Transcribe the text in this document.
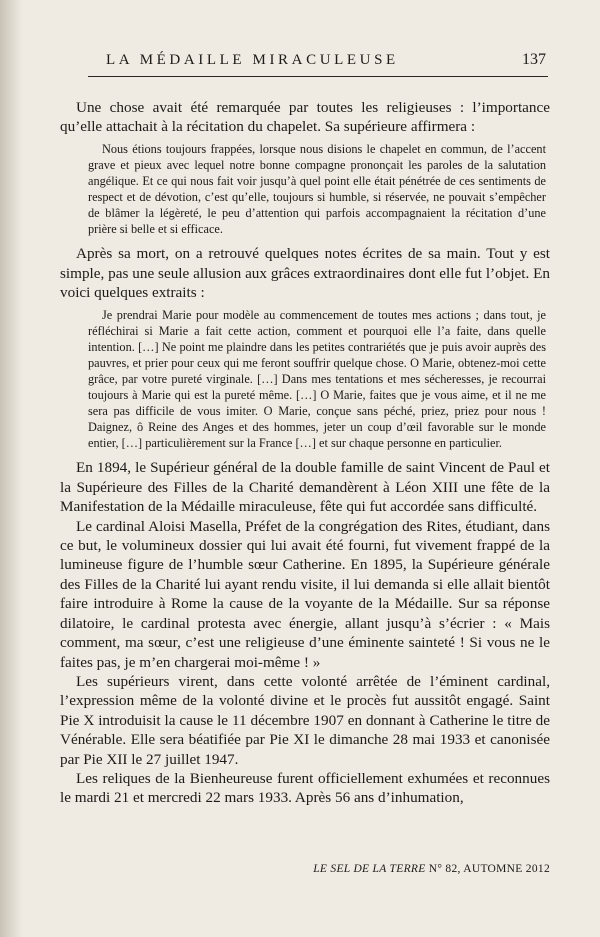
LA MÉDAILLE MIRACULEUSE	137

Une chose avait été remarquée par toutes les religieuses : l’importance qu’elle attachait à la récitation du chapelet. Sa supérieure affirmera :

Nous étions toujours frappées, lorsque nous disions le chapelet en commun, de l’accent grave et pieux avec lequel notre bonne compagne prononçait les paroles de la salutation angélique. Et ce qui nous fait voir jusqu’à quel point elle était pénétrée de ces sentiments de respect et de dévotion, c’est qu’elle, toujours si humble, si réservée, ne pouvait s’empêcher de blâmer la légèreté, le peu d’attention qui parfois accompagnaient la récitation d’une prière si belle et si efficace.

Après sa mort, on a retrouvé quelques notes écrites de sa main. Tout y est simple, pas une seule allusion aux grâces extraordinaires dont elle fut l’objet. En voici quelques extraits :

Je prendrai Marie pour modèle au commencement de toutes mes actions ; dans tout, je réfléchirai si Marie a fait cette action, comment et pourquoi elle l’a faite, dans quelle intention. […] Ne point me plaindre dans les petites contrariétés que je puis avoir auprès des pauvres, et prier pour ceux qui me feront souffrir quelque chose. O Marie, obtenez-moi cette grâce, par votre pureté virginale. […] Dans mes tentations et mes sécheresses, je recourrai toujours à Marie qui est la pureté même. […] O Marie, faites que je vous aime, et il ne me sera pas difficile de vous imiter. O Marie, conçue sans péché, priez, priez pour nous ! Daignez, ô Reine des Anges et des hommes, jeter un coup d’œil favorable sur le monde entier, […] particulièrement sur la France […] et sur chaque personne en particulier.

En 1894, le Supérieur général de la double famille de saint Vincent de Paul et la Supérieure des Filles de la Charité demandèrent à Léon XIII une fête de la Manifestation de la Médaille miraculeuse, fête qui fut accordée sans difficulté.

Le cardinal Aloisi Masella, Préfet de la congrégation des Rites, étudiant, dans ce but, le volumineux dossier qui lui avait été fourni, fut vivement frappé de la lumineuse figure de l’humble sœur Catherine. En 1895, la Supérieure générale des Filles de la Charité lui ayant rendu visite, il lui demanda si elle allait bientôt faire introduire à Rome la cause de la voyante de la Médaille. Sur sa réponse dilatoire, le cardinal protesta avec énergie, allant jusqu’à s’écrier : « Mais comment, ma sœur, c’est une religieuse d’une éminente sainteté ! Si vous ne le faites pas, je m’en chargerai moi-même ! »

Les supérieurs virent, dans cette volonté arrêtée de l’éminent cardinal, l’expression même de la volonté divine et le procès fut aussitôt engagé. Saint Pie X introduisit la cause le 11 décembre 1907 en donnant à Catherine le titre de Vénérable. Elle sera béatifiée par Pie XI le dimanche 28 mai 1933 et canonisée par Pie XII le 27 juillet 1947.

Les reliques de la Bienheureuse furent officiellement exhumées et reconnues le mardi 21 et mercredi 22 mars 1933. Après 56 ans d’inhumation,

LE SEL DE LA TERRE N° 82, AUTOMNE 2012
